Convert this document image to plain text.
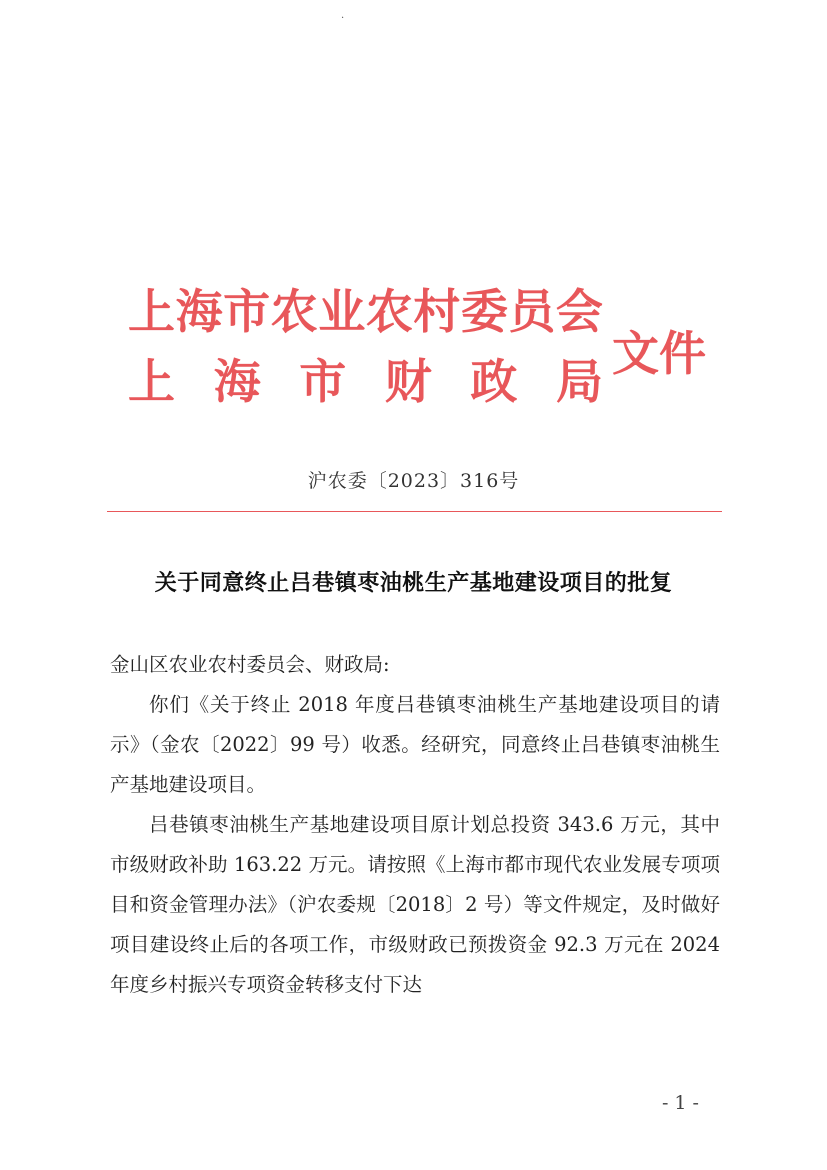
.
上 海 市 农 业 农 村 委 员 会
上 海 市 财 政 局
文件
沪农委〔2023〕316号
关于同意终止吕巷镇枣油桃生产基地建设项目的批复

金山区农业农村委员会、财政局:

你们《关于终止 2018 年度吕巷镇枣油桃生产基地建设项目的请示》（金农〔2022〕99 号）收悉。经研究，同意终止吕巷镇枣油桃生产基地建设项目。

吕巷镇枣油桃生产基地建设项目原计划总投资 343.6 万元，其中市级财政补助 163.22 万元。请按照《上海市都市现代农业发展专项项目和资金管理办法》（沪农委规〔2018〕2 号）等文件规定，及时做好项目建设终止后的各项工作，市级财政已预拨资金 92.3 万元在 2024 年度乡村振兴专项资金转移支付下达

-1-
